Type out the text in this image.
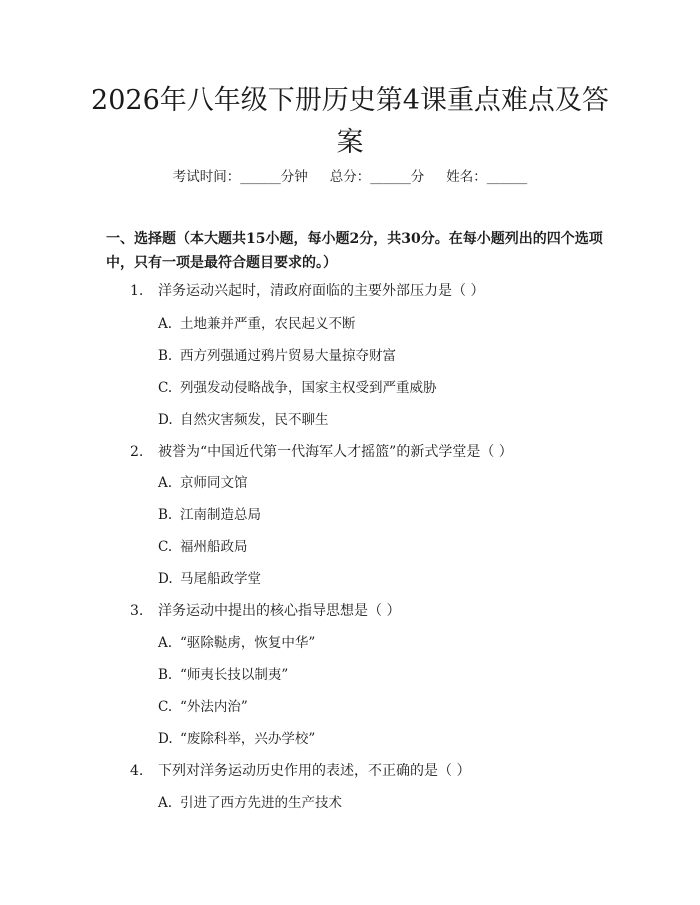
2026年八年级下册历史第4课重点难点及答案
考试时间：______分钟 总分：______分 姓名：______
一、选择题（本大题共15小题，每小题2分，共30分。在每小题列出的四个选项中，只有一项是最符合题目要求的。）
1. 洋务运动兴起时，清政府面临的主要外部压力是（ ）
A. 土地兼并严重，农民起义不断
B. 西方列强通过鸦片贸易大量掠夺财富
C. 列强发动侵略战争，国家主权受到严重威胁
D. 自然灾害频发，民不聊生
2. 被誉为“中国近代第一代海军人才摇篮”的新式学堂是（ ）
A. 京师同文馆
B. 江南制造总局
C. 福州船政局
D. 马尾船政学堂
3. 洋务运动中提出的核心指导思想是（ ）
A. “驱除鞑虏，恢复中华”
B. “师夷长技以制夷”
C. “外法内治”
D. “废除科举，兴办学校”
4. 下列对洋务运动历史作用的表述，不正确的是（ ）
A. 引进了西方先进的生产技术
